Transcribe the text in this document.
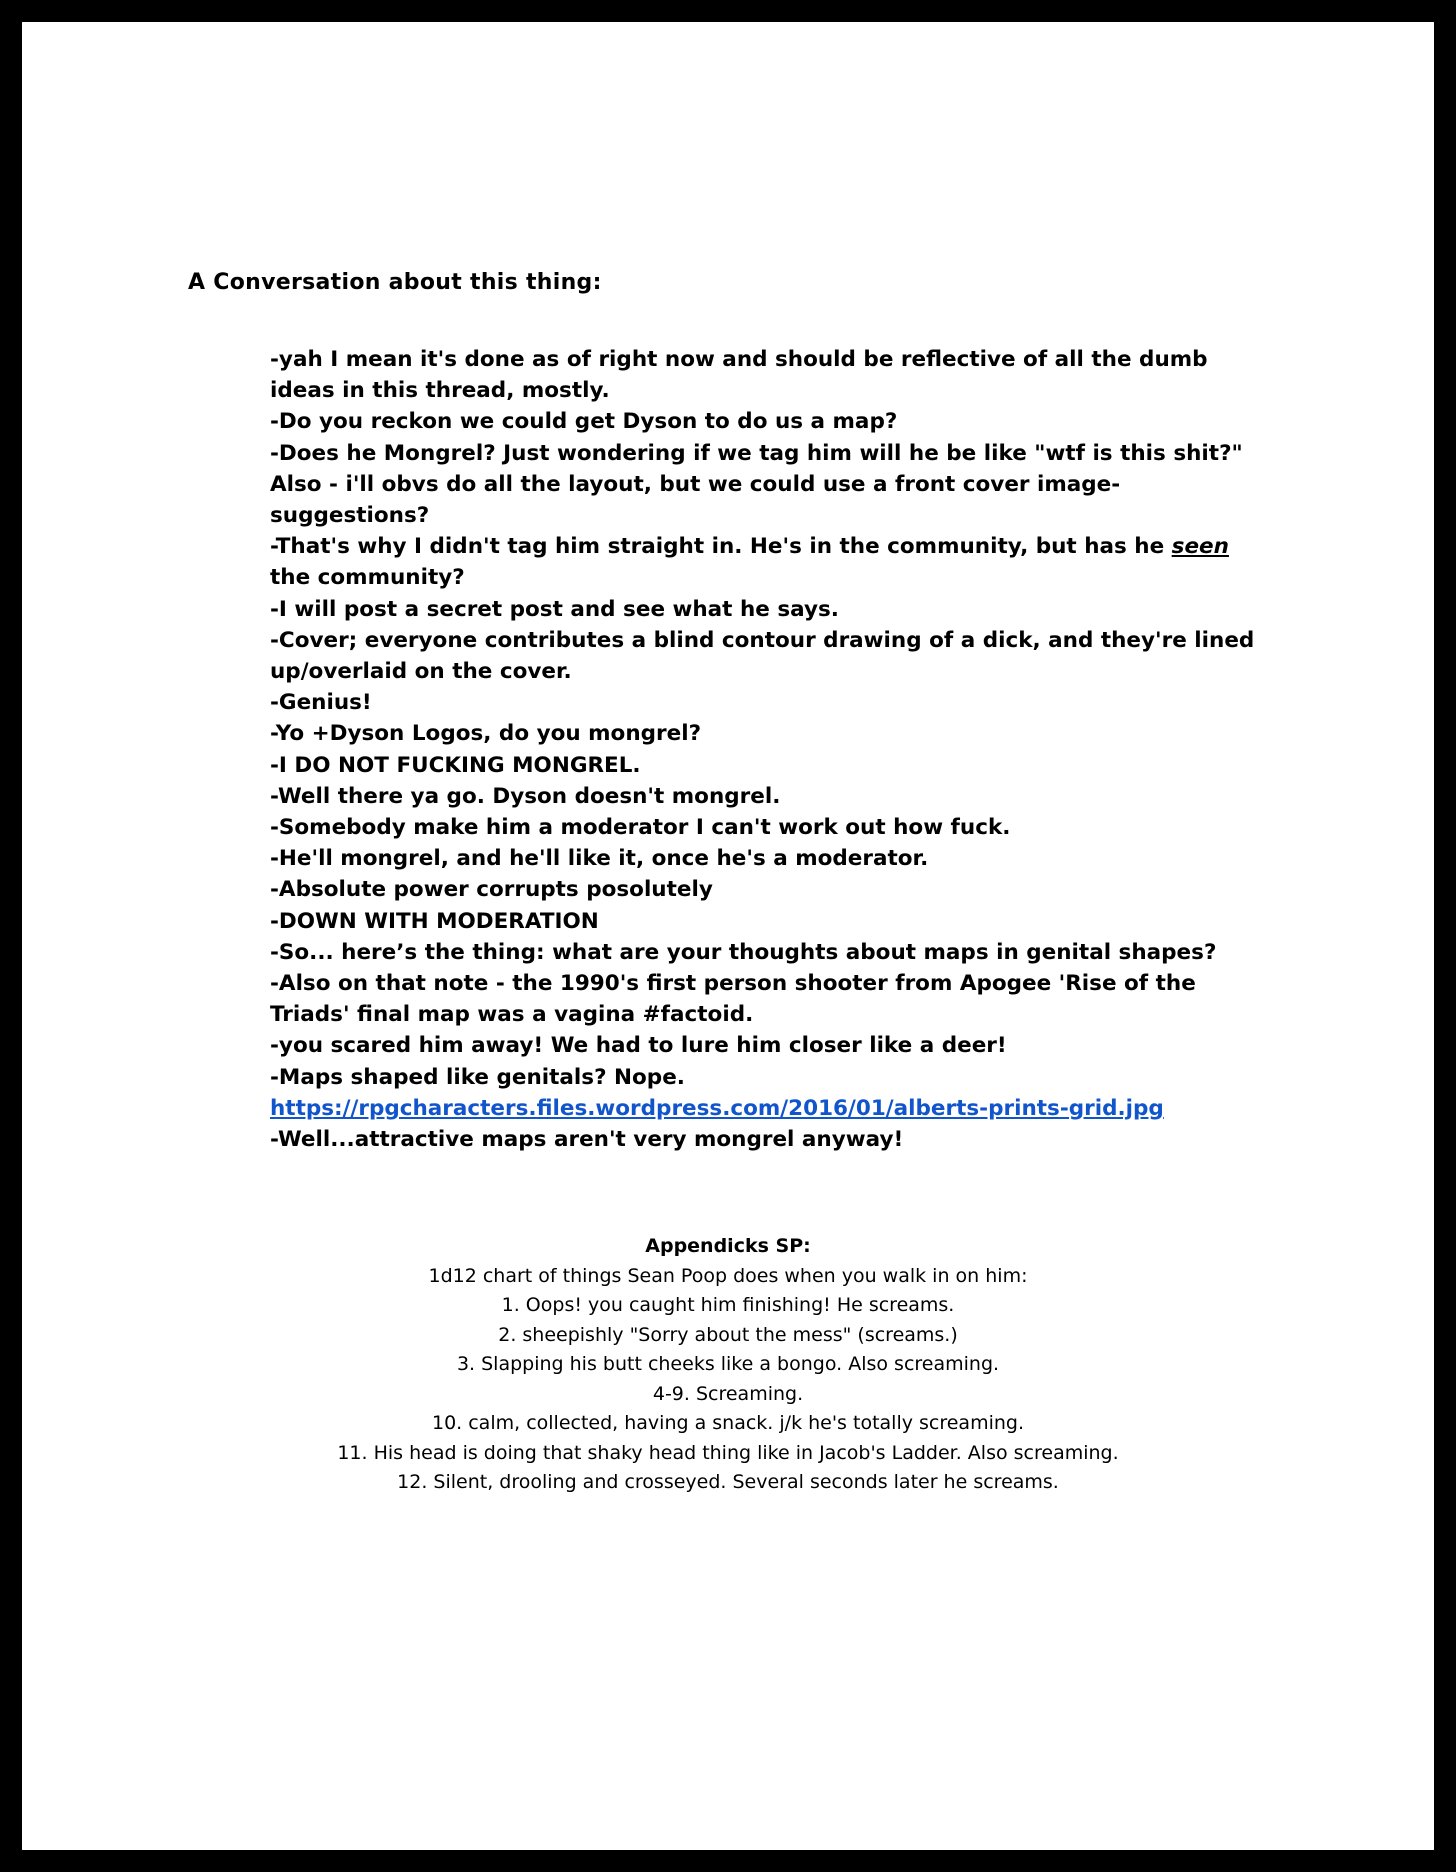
A Conversation about this thing:

-yah I mean it's done as of right now and should be reflective of all the dumb ideas in this thread, mostly.

-Do you reckon we could get Dyson to do us a map?

-Does he Mongrel? Just wondering if we tag him will he be like "wtf is this shit?" Also - i'll obvs do all the layout, but we could use a front cover image-suggestions?

-That's why I didn't tag him straight in. He's in the community, but has he seen the community?

-I will post a secret post and see what he says.

-Cover; everyone contributes a blind contour drawing of a dick, and they're lined up/overlaid on the cover.

-Genius!

-Yo +Dyson Logos, do you mongrel?

-I DO NOT FUCKING MONGREL.

-Well there ya go. Dyson doesn't mongrel.

-Somebody make him a moderator I can't work out how fuck.

-He'll mongrel, and he'll like it, once he's a moderator.

-Absolute power corrupts posolutely

-DOWN WITH MODERATION

-So... here’s the thing: what are your thoughts about maps in genital shapes?

-Also on that note - the 1990's first person shooter from Apogee 'Rise of the Triads' final map was a vagina #factoid.

-you scared him away! We had to lure him closer like a deer!

-Maps shaped like genitals? Nope.

https://rpgcharacters.files.wordpress.com/2016/01/alberts-prints-grid.jpg

-Well...attractive maps aren't very mongrel anyway!

Appendicks SP:

1d12 chart of things Sean Poop does when you walk in on him:

1. Oops! you caught him finishing! He screams.

2. sheepishly "Sorry about the mess" (screams.)

3. Slapping his butt cheeks like a bongo. Also screaming.

4-9. Screaming.

10. calm, collected, having a snack. j/k he's totally screaming.

11. His head is doing that shaky head thing like in Jacob's Ladder. Also screaming.

12. Silent, drooling and crosseyed. Several seconds later he screams.
